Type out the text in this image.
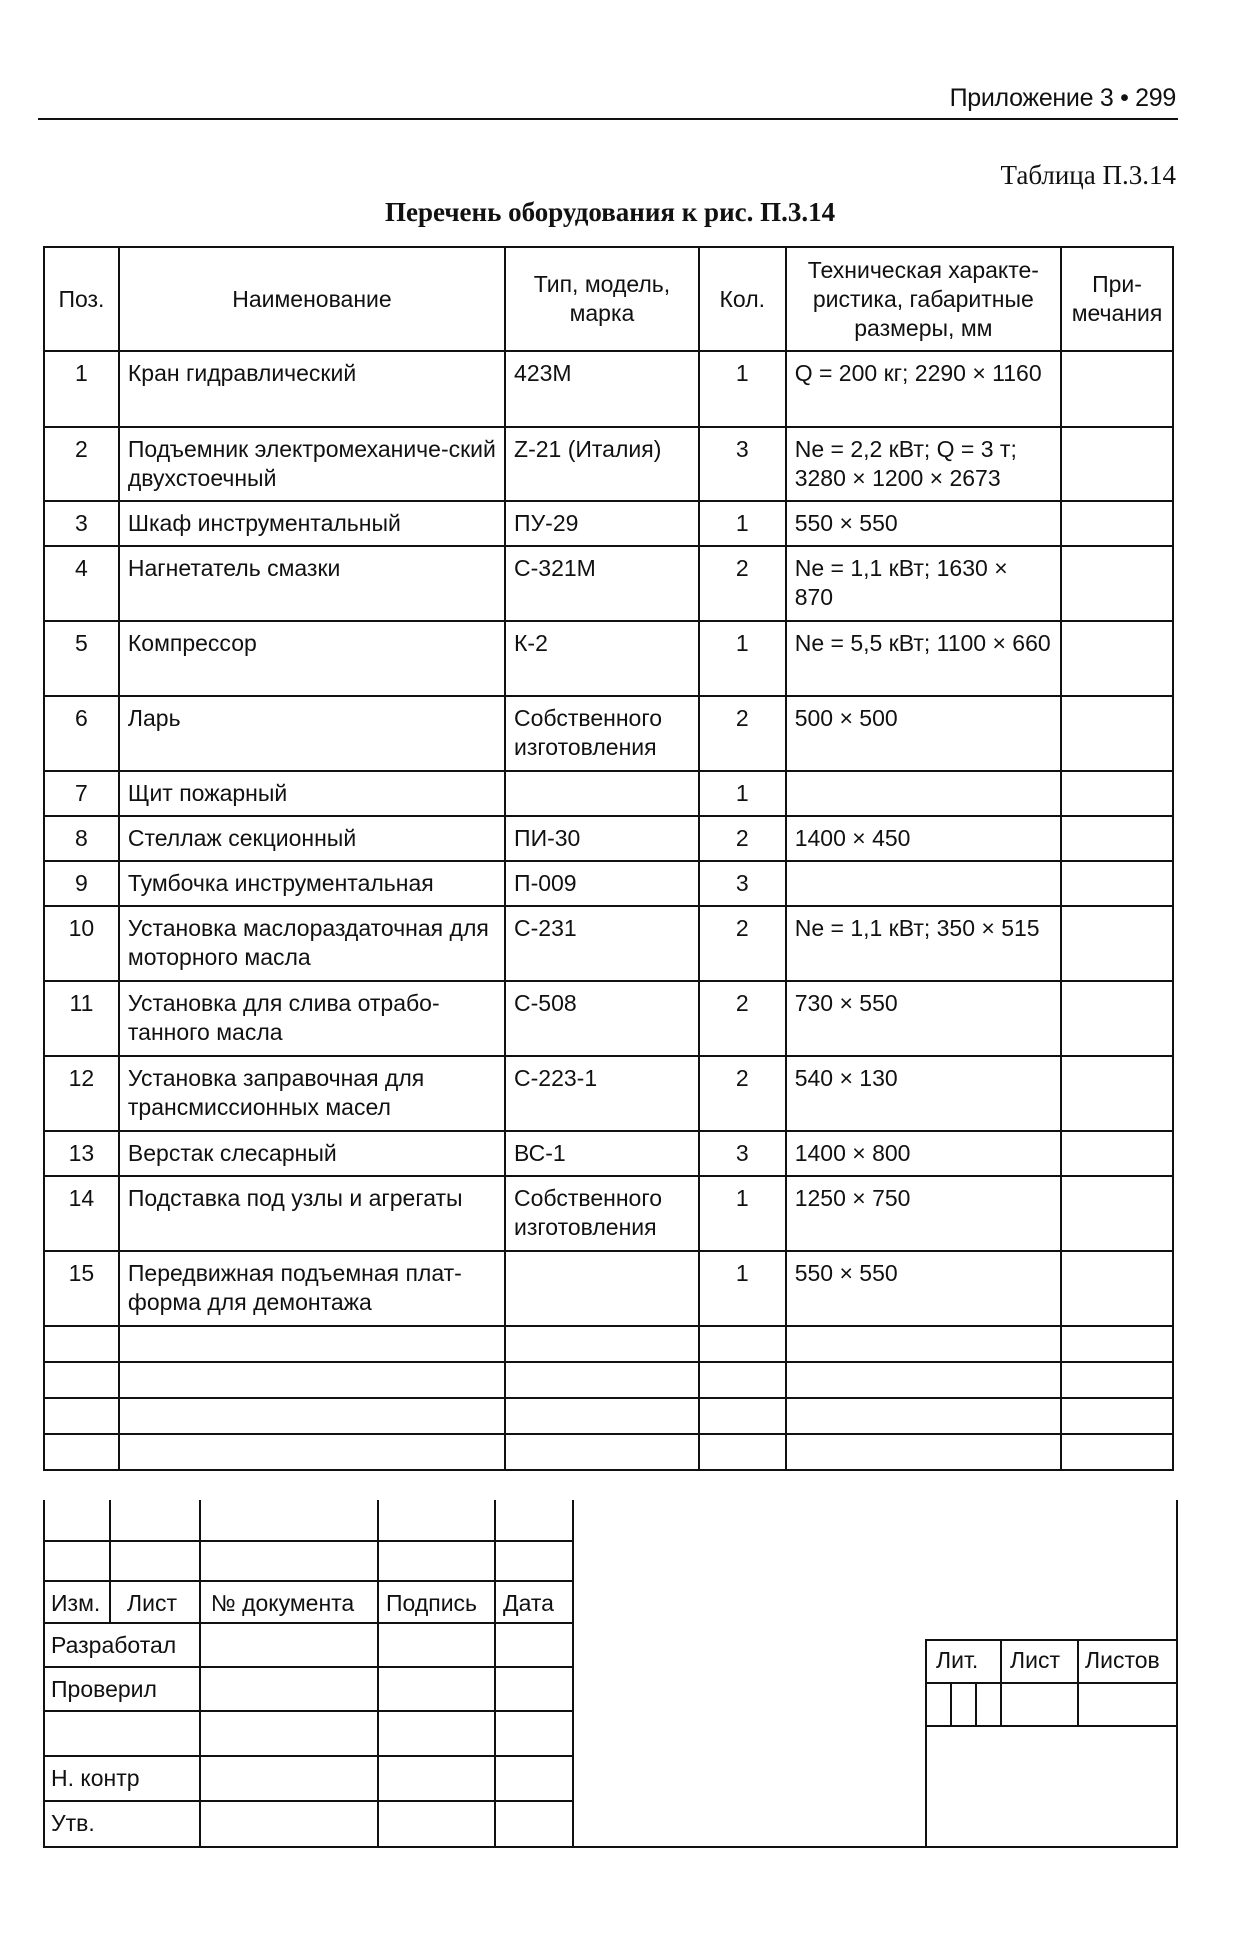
Приложение 3 • 299
Таблица П.3.14
Перечень оборудования к рис. П.3.14
Поз.	Наименование	Тип, модель, марка	Кол.	Техническая характе-ристика, габаритные размеры, мм	При-мечания
1	Кран гидравлический	423М	1	Q = 200 кг; 2290 × 1160	
2	Подъемник электромеханиче-ский двухстоечный	Z-21 (Италия)	3	Ne = 2,2 кВт; Q = 3 т; 3280 × 1200 × 2673	
3	Шкаф инструментальный	ПУ-29	1	550 × 550	
4	Нагнетатель смазки	С-321М	2	Ne = 1,1 кВт; 1630 × 870	
5	Компрессор	К-2	1	Ne = 5,5 кВт; 1100 × 660	
6	Ларь	Собственного изготовления	2	500 × 500	
7	Щит пожарный		1		
8	Стеллаж секционный	ПИ-30	2	1400 × 450	
9	Тумбочка инструментальная	П-009	3		
10	Установка маслораздаточная для моторного масла	С-231	2	Ne = 1,1 кВт; 350 × 515	
11	Установка для слива отрабо-танного масла	С-508	2	730 × 550	
12	Установка заправочная для трансмиссионных масел	С-223-1	2	540 × 130	
13	Верстак слесарный	ВС-1	3	1400 × 800	
14	Подставка под узлы и агрегаты	Собственного изготовления	1	1250 × 750	
15	Передвижная подъемная плат-форма для демонтажа		1	550 × 550	

Изм. Лист № документа Подпись Дата
Разработал
Проверил
Н. контр
Утв.
Лит. Лист Листов
